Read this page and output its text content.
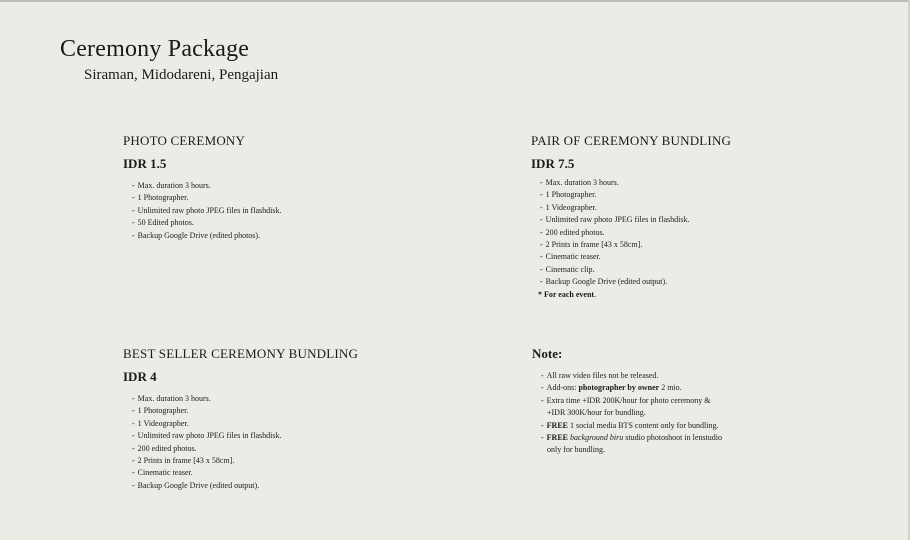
Ceremony Package

Siraman, Midodareni, Pengajian

PHOTO CEREMONY

IDR 1.5

- Max. duration 3 hours.
- 1 Photographer.
- Unlimited raw photo JPEG files in flashdisk.
- 50 Edited photos.
- Backup Google Drive (edited photos).

PAIR OF CEREMONY BUNDLING

IDR 7.5

- Max. duration 3 hours.
- 1 Photographer.
- 1 Videographer.
- Unlimited raw photo JPEG files in flashdisk.
- 200 edited photos.
- 2 Prints in frame [43 x 58cm].
- Cinematic teaser.
- Cinematic clip.
- Backup Google Drive (edited output).
* For each event.

BEST SELLER CEREMONY BUNDLING

IDR 4

- Max. duration 3 hours.
- 1 Photographer.
- 1 Videographer.
- Unlimited raw photo JPEG files in flashdisk.
- 200 edited photos.
- 2 Prints in frame [43 x 58cm].
- Cinematic teaser.
- Backup Google Drive (edited output).

Note:

- All raw video files not be released.
- Add-ons: photographer by owner 2 mio.
- Extra time +IDR 200K/hour for photo ceremony &
+IDR 300K/hour for bundling.
- FREE 1 social media BTS content only for bundling.
- FREE background biru studio photoshoot in lenstudio
only for bundling.
